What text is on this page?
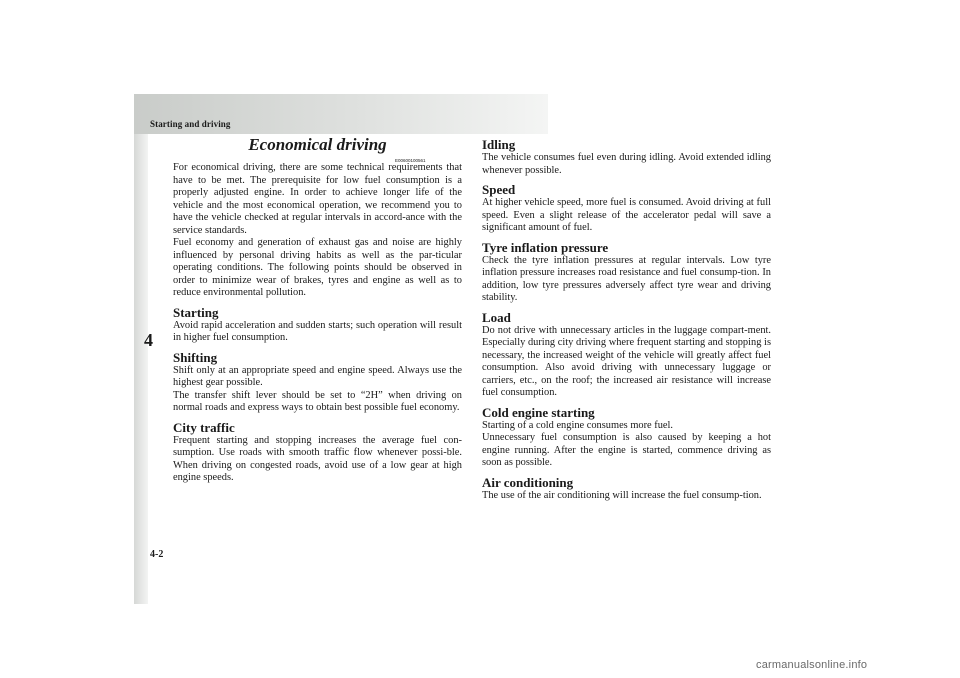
Starting and driving
4
Economical driving
E00600100561

For economical driving, there are some technical requirements that have to be met. The prerequisite for low fuel consumption is a properly adjusted engine. In order to achieve longer life of the vehicle and the most economical operation, we recommend you to have the vehicle checked at regular intervals in accord-ance with the service standards.

Fuel economy and generation of exhaust gas and noise are highly influenced by personal driving habits as well as the par-ticular operating conditions. The following points should be observed in order to minimize wear of brakes, tyres and engine as well as to reduce environmental pollution.

Starting

Avoid rapid acceleration and sudden starts; such operation will result in higher fuel consumption.

Shifting

Shift only at an appropriate speed and engine speed. Always use the highest gear possible.

The transfer shift lever should be set to “2H” when driving on normal roads and express ways to obtain best possible fuel economy.

City traffic

Frequent starting and stopping increases the average fuel con-sumption. Use roads with smooth traffic flow whenever possi-ble. When driving on congested roads, avoid use of a low gear at high engine speeds.

Idling

The vehicle consumes fuel even during idling. Avoid extended idling whenever possible.

Speed

At higher vehicle speed, more fuel is consumed. Avoid driving at full speed. Even a slight release of the accelerator pedal will save a significant amount of fuel.

Tyre inflation pressure

Check the tyre inflation pressures at regular intervals. Low tyre inflation pressure increases road resistance and fuel consump-tion. In addition, low tyre pressures adversely affect tyre wear and driving stability.

Load

Do not drive with unnecessary articles in the luggage compart-ment. Especially during city driving where frequent starting and stopping is necessary, the increased weight of the vehicle will greatly affect fuel consumption. Also avoid driving with unnecessary luggage or carriers, etc., on the roof; the increased air resistance will increase fuel consumption.

Cold engine starting

Starting of a cold engine consumes more fuel.

Unnecessary fuel consumption is also caused by keeping a hot engine running. After the engine is started, commence driving as soon as possible.

Air conditioning

The use of the air conditioning will increase the fuel consump-tion.

4-2
carmanualsonline.info
